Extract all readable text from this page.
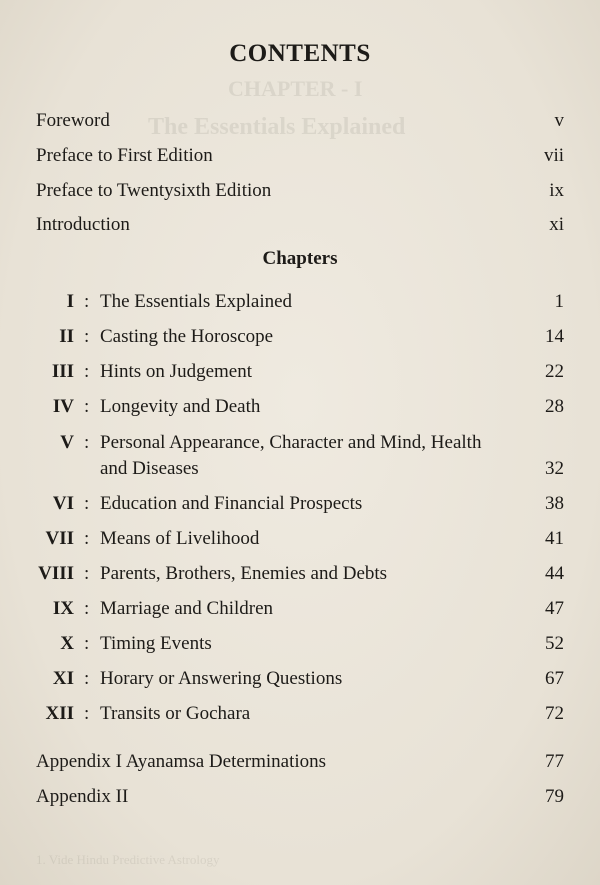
CHAPTER - I
The Essentials Explained
1. Vide Hindu Predictive Astrology
CONTENTS
Foreword	v
Preface to First Edition	vii
Preface to Twentysixth Edition	ix
Introduction	xi
Chapters
I : The Essentials Explained	1
II : Casting the Horoscope	14
III : Hints on Judgement	22
IV : Longevity and Death	28
V : Personal Appearance, Character and Mind, Health and Diseases	32
VI : Education and Financial Prospects	38
VII : Means of Livelihood	41
VIII : Parents, Brothers, Enemies and Debts	44
IX : Marriage and Children	47
X : Timing Events	52
XI : Horary or Answering Questions	67
XII : Transits or Gochara	72
Appendix I Ayanamsa Determinations	77
Appendix II	79
